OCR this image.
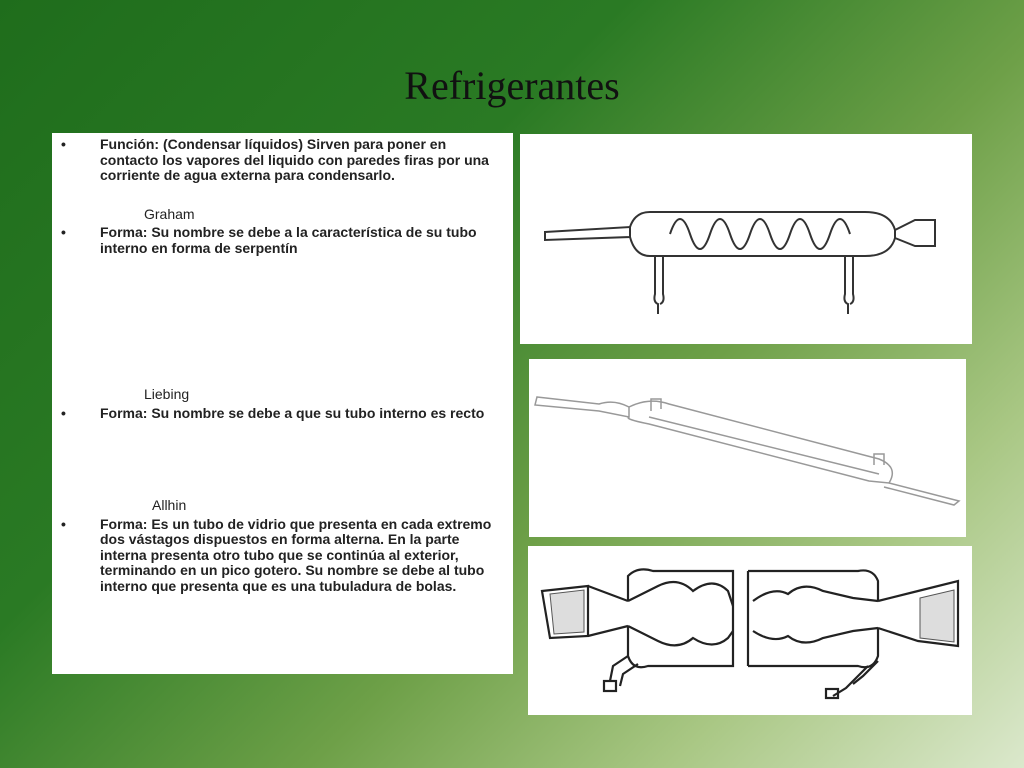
Refrigerantes
• Función: (Condensar líquidos) Sirven para poner en contacto los vapores del liquido con paredes firas por una corriente de agua externa para condensarlo.
Graham
• Forma: Su nombre se debe a la característica de su tubo interno en forma de serpentín
Liebing
• Forma: Su nombre se debe a que su tubo interno es recto
Allhin
• Forma: Es un tubo de vidrio que presenta en cada extremo dos vástagos dispuestos en forma alterna. En la parte interna presenta otro tubo que se continúa al exterior, terminando en un pico gotero. Su nombre se debe al tubo interno que presenta que es una tubuladura de bolas.
